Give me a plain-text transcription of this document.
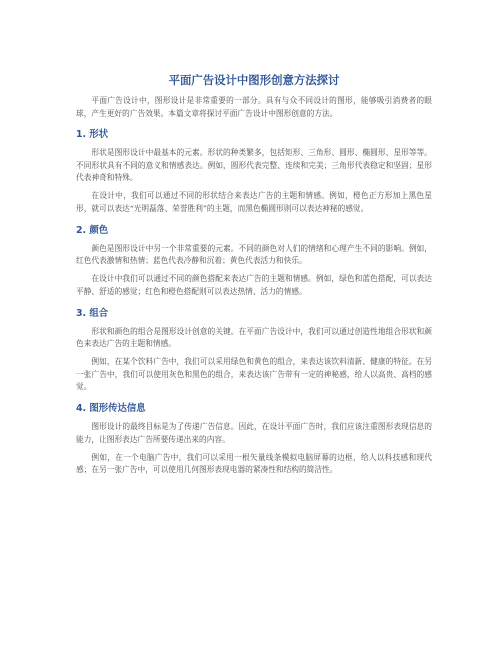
平面广告设计中图形创意方法探讨

平面广告设计中，图形设计是非常重要的一部分。具有与众不同设计的图形，能够吸引消费者的眼球，产生更好的广告效果。本篇文章将探讨平面广告设计中图形创意的方法。

1. 形状

形状是图形设计中最基本的元素。形状的种类繁多，包括矩形、三角形、圆形、椭圆形、星形等等。不同形状具有不同的意义和情感表达。例如，圆形代表完整、连续和完美；三角形代表稳定和坚固；星形代表神奇和特殊。

在设计中，我们可以通过不同的形状结合来表达广告的主题和情感。例如，橙色正方形加上黑色星形，就可以表达“光明磊落、荣誉胜利”的主题，而黑色椭圆形则可以表达神秘的感觉。

2. 颜色

颜色是图形设计中另一个非常重要的元素。不同的颜色对人们的情绪和心理产生不同的影响。例如，红色代表激情和热情；蓝色代表冷静和沉着；黄色代表活力和快乐。

在设计中我们可以通过不同的颜色搭配来表达广告的主题和情感。例如，绿色和蓝色搭配，可以表达平静、舒适的感觉；红色和橙色搭配则可以表达热情、活力的情感。

3. 组合

形状和颜色的组合是图形设计创意的关键。在平面广告设计中，我们可以通过创造性地组合形状和颜色来表达广告的主题和情感。

例如，在某个饮料广告中，我们可以采用绿色和黄色的组合，来表达该饮料清新、健康的特征。在另一张广告中，我们可以使用灰色和黑色的组合，来表达该广告带有一定的神秘感，给人以高贵、高档的感觉。

4. 图形传达信息

图形设计的最终目标是为了传递广告信息。因此，在设计平面广告时，我们应该注重图形表现信息的能力，让图形表达广告所要传递出来的内容。

例如，在一个电脑广告中，我们可以采用一根矢量线条模拟电脑屏幕的边框，给人以科技感和现代感；在另一张广告中，可以使用几何图形表现电器的紧凑性和结构的简洁性。
